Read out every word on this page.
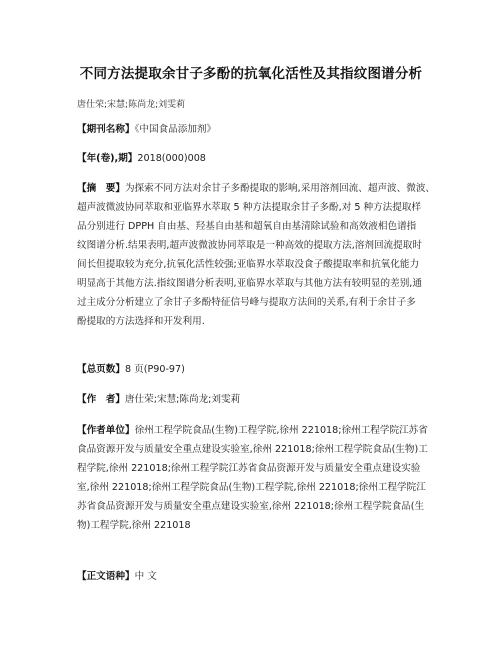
不同方法提取余甘子多酚的抗氧化活性及其指纹图谱分析
唐仕荣;宋慧;陈尚龙;刘雯莉
【期刊名称】《中国食品添加剂》
【年(卷),期】2018(000)008
【摘　要】为探索不同方法对余甘子多酚提取的影响,采用溶剂回流、超声波、微波、
超声波微波协同萃取和亚临界水萃取 5 种方法提取余甘子多酚,对 5 种方法提取样
品分别进行 DPPH 自由基、羟基自由基和超氧自由基清除试验和高效液相色谱指
纹图谱分析.结果表明,超声波微波协同萃取是一种高效的提取方法,溶剂回流提取时
间长但提取较为充分,抗氧化活性较强;亚临界水萃取没食子酸提取率和抗氧化能力
明显高于其他方法.指纹图谱分析表明,亚临界水萃取与其他方法有较明显的差别,通
过主成分分析建立了余甘子多酚特征信号峰与提取方法间的关系,有利于余甘子多
酚提取的方法选择和开发利用.
【总页数】8 页(P90-97)
【作　者】唐仕荣;宋慧;陈尚龙;刘雯莉
【作者单位】徐州工程学院食品(生物)工程学院,徐州 221018;徐州工程学院江苏省
食品资源开发与质量安全重点建设实验室,徐州 221018;徐州工程学院食品(生物)工
程学院,徐州 221018;徐州工程学院江苏省食品资源开发与质量安全重点建设实验
室,徐州 221018;徐州工程学院食品(生物)工程学院,徐州 221018;徐州工程学院江
苏省食品资源开发与质量安全重点建设实验室,徐州 221018;徐州工程学院食品(生
物)工程学院,徐州 221018
【正文语种】中 文
